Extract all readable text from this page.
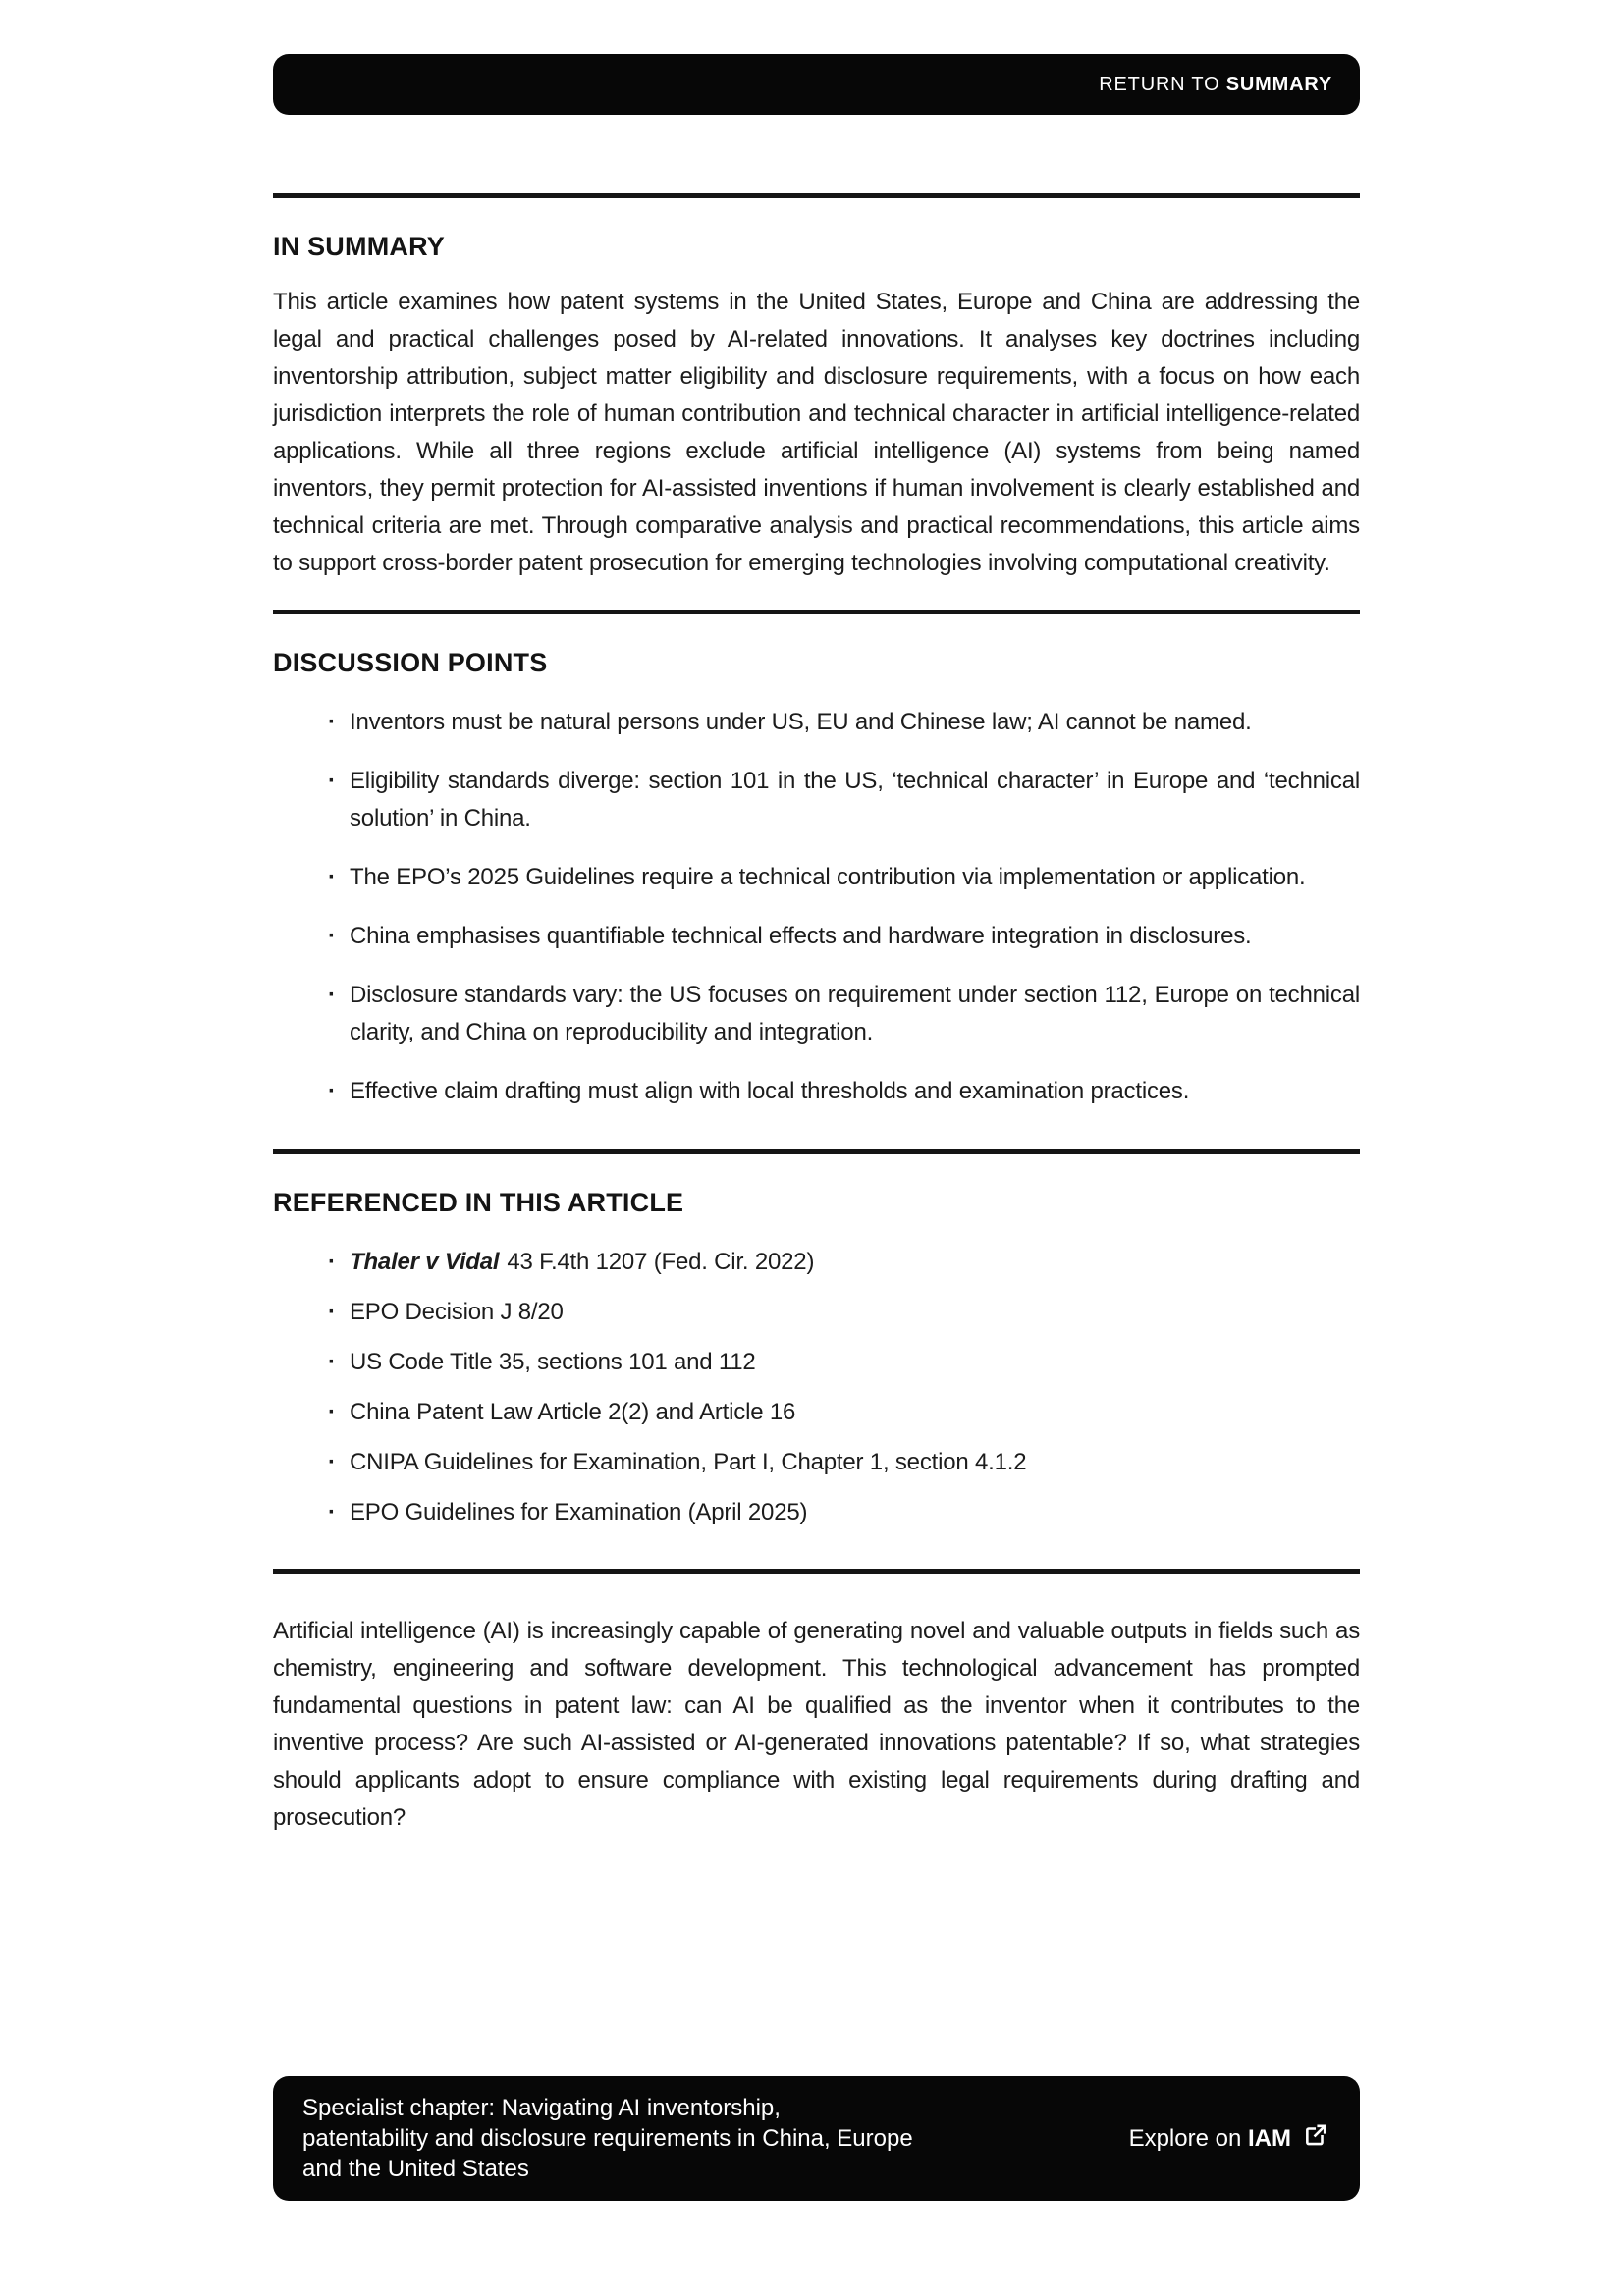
RETURN TO SUMMARY
IN SUMMARY

This article examines how patent systems in the United States, Europe and China are addressing the legal and practical challenges posed by AI-related innovations. It analyses key doctrines including inventorship attribution, subject matter eligibility and disclosure requirements, with a focus on how each jurisdiction interprets the role of human contribution and technical character in artificial intelligence-related applications. While all three regions exclude artificial intelligence (AI) systems from being named inventors, they permit protection for AI-assisted inventions if human involvement is clearly established and technical criteria are met. Through comparative analysis and practical recommendations, this article aims to support cross-border patent prosecution for emerging technologies involving computational creativity.

DISCUSSION POINTS
· Inventors must be natural persons under US, EU and Chinese law; AI cannot be named.
· Eligibility standards diverge: section 101 in the US, ‘technical character’ in Europe and ‘technical solution’ in China.
· The EPO’s 2025 Guidelines require a technical contribution via implementation or application.
· China emphasises quantifiable technical effects and hardware integration in disclosures.
· Disclosure standards vary: the US focuses on requirement under section 112, Europe on technical clarity, and China on reproducibility and integration.
· Effective claim drafting must align with local thresholds and examination practices.
REFERENCED IN THIS ARTICLE
· Thaler v Vidal 43 F.4th 1207 (Fed. Cir. 2022)
· EPO Decision J 8/20
· US Code Title 35, sections 101 and 112
· China Patent Law Article 2(2) and Article 16
· CNIPA Guidelines for Examination, Part I, Chapter 1, section 4.1.2
· EPO Guidelines for Examination (April 2025)

Artificial intelligence (AI) is increasingly capable of generating novel and valuable outputs in fields such as chemistry, engineering and software development. This technological advancement has prompted fundamental questions in patent law: can AI be qualified as the inventor when it contributes to the inventive process? Are such AI-assisted or AI-generated innovations patentable? If so, what strategies should applicants adopt to ensure compliance with existing legal requirements during drafting and prosecution?

Specialist chapter: Navigating AI inventorship,
patentability and disclosure requirements in China, Europe
and the United States
Explore on IAM
